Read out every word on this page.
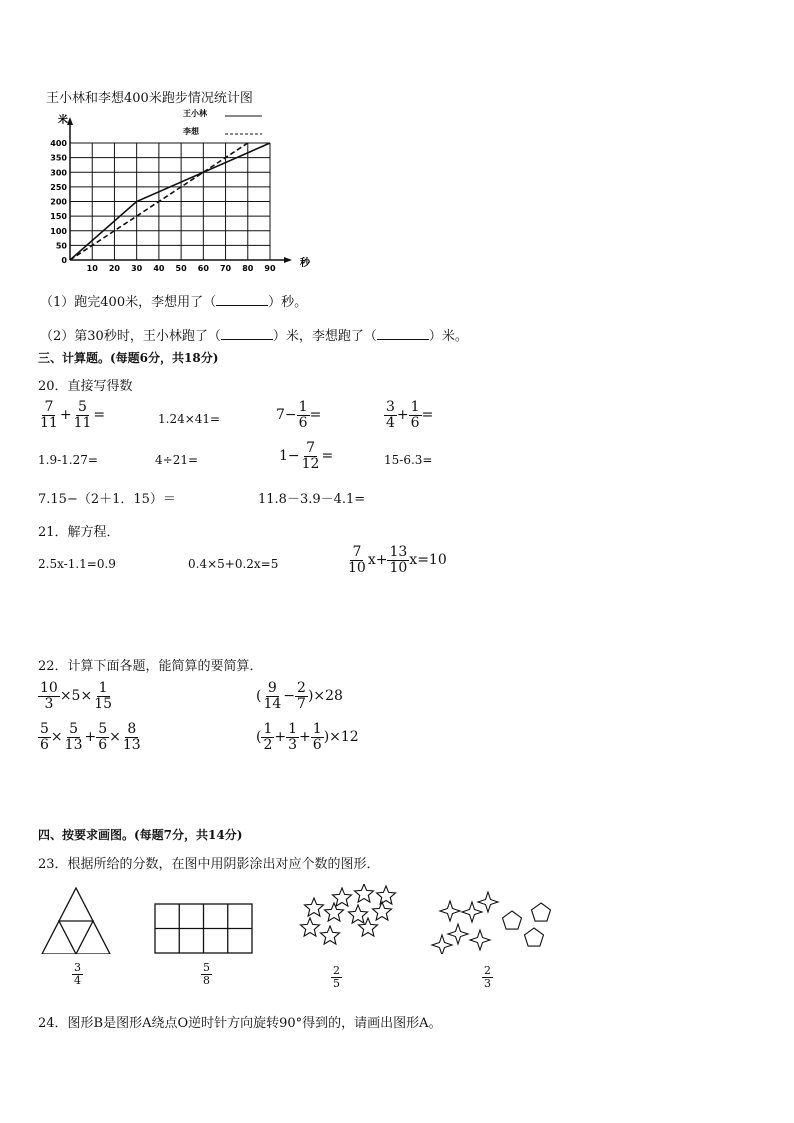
王小林和李想400米跑步情况统计图
10 20 30 40 50 60 70 80 90
0
50
100
150
200
250
300
350
400
米
秒
王小林
李想
（1）跑完400米，李想用了（	）秒。
（2）第30秒时，王小林跑了（	）米，李想跑了（	）米。
三、计算题。(每题6分，共18分)
20．直接写得数
$\frac{7}{11} + \frac{5}{11}$ =	1.24×41=	$7- \frac{1}{6}$ =	$\frac{3}{4} + \frac{1}{6}$ =
1.9-1.27=	4÷21=	$1- \frac{7}{12}$ =	15-6.3=
7.15−（2＋1．15）＝	11.8－3.9－4.1=
21．解方程．
2.5x-1.1=0.9	0.4×5+0.2x=5	$\frac{7}{10} x+ \frac{13}{10} x=10$
22．计算下面各题，能简算的要简算．
$\frac{10}{3} \times 5\times \frac{1}{15}$	( $\frac{9}{14} - \frac{2}{7} )\times 28$
$\frac{5}{6} \times \frac{5}{13} + \frac{5}{6} \times \frac{8}{13}$	( $\frac{1}{2} + \frac{1}{3} + \frac{1}{6} )\times 12$
四、按要求画图。(每题7分，共14分)
23．根据所给的分数，在图中用阴影涂出对应个数的图形．
$\frac{3}{4}$	$\frac{5}{8}$	$\frac{2}{5}$	$\frac{2}{3}$
24．图形B是图形A绕点O逆时针方向旋转90°得到的，请画出图形A。
